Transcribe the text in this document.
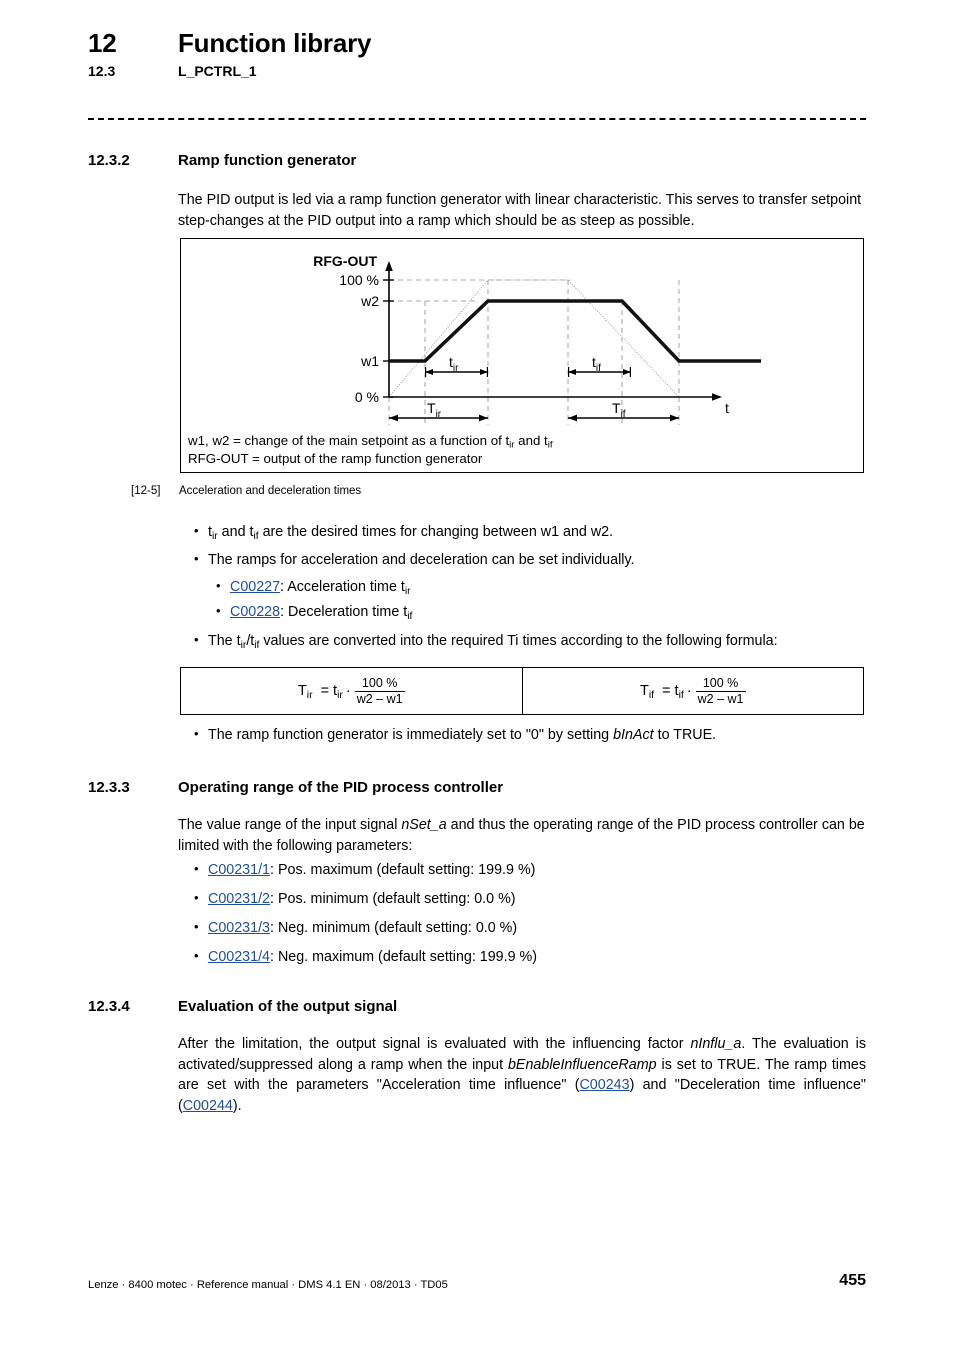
12 Function library
12.3	L_PCTRL_1
12.3.2	Ramp function generator
The PID output is led via a ramp function generator with linear characteristic. This serves to transfer setpoint step-changes at the PID output into a ramp which should be as steep as possible.
$t_{ir}$	$t_{if}$
$T_{ir}$	$T_{if}$
RFG-OUT
100 %
w2
w1
0 %
t
w1, w2 = change of the main setpoint as a function of $t_{ir}$ and $t_{if}$
RFG-OUT = output of the ramp function generator
[12-5] Acceleration and deceleration times
• $t_{ir}$ and $t_{if}$ are the desired times for changing between w1 and w2.
• The ramps for acceleration and deceleration can be set individually.
• C00227: Acceleration time $t_{ir}$
• C00228: Deceleration time $t_{if}$
• The $t_{ir}/t_{if}$ values are converted into the required Ti times according to the following formula:
$T_{ir} = t_{ir} \cdot \frac{100 \%}{w2 - w1}$	$T_{if} = t_{if} \cdot \frac{100 \%}{w2 - w1}$
• The ramp function generator is immediately set to "0" by setting bInAct to TRUE.
12.3.3	Operating range of the PID process controller
The value range of the input signal nSet_a and thus the operating range of the PID process controller can be limited with the following parameters:
• C00231/1: Pos. maximum (default setting: 199.9 %)
• C00231/2: Pos. minimum (default setting: 0.0 %)
• C00231/3: Neg. minimum (default setting: 0.0 %)
• C00231/4: Neg. maximum (default setting: 199.9 %)
12.3.4	Evaluation of the output signal
After the limitation, the output signal is evaluated with the influencing factor nInflu_a. The evaluation is activated/suppressed along a ramp when the input bEnableInfluenceRamp is set to TRUE. The ramp times are set with the parameters "Acceleration time influence" (C00243) and "Deceleration time influence" (C00244).
Lenze · 8400 motec · Reference manual · DMS 4.1 EN · 08/2013 · TD05	455
